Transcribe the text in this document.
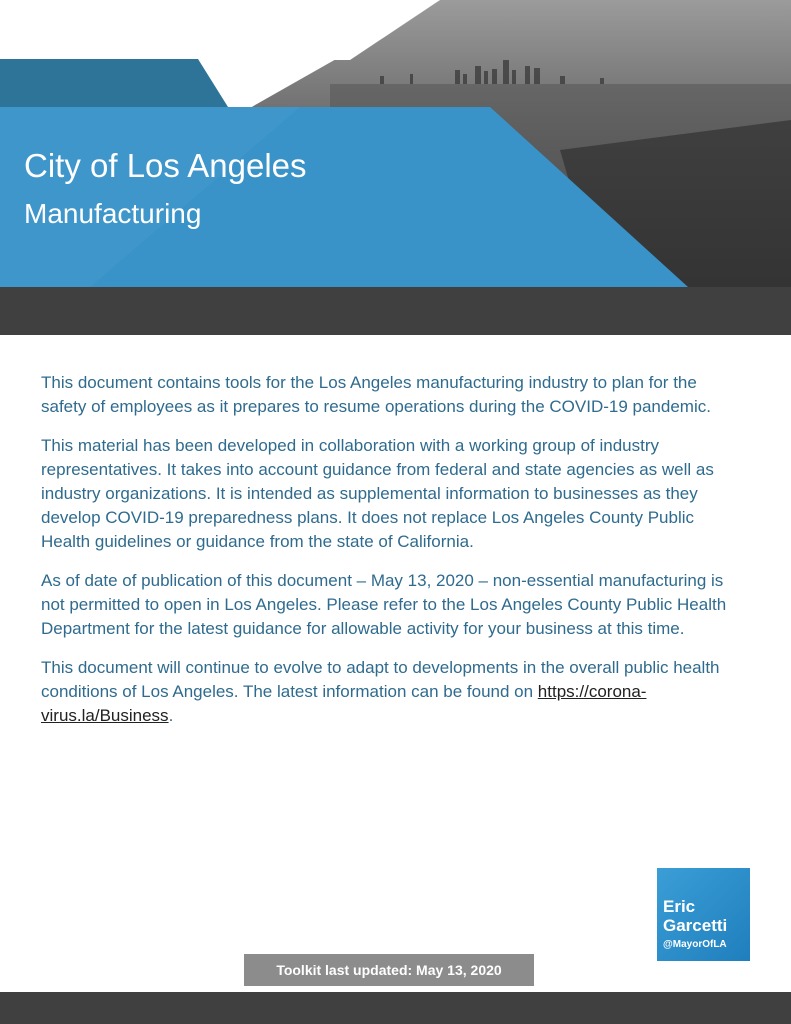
City of Los Angeles
Manufacturing

This document contains tools for the Los Angeles manufacturing industry to plan for the safety of employees as it prepares to resume operations during the COVID-19 pandemic.

This material has been developed in collaboration with a working group of industry representatives. It takes into account guidance from federal and state agencies as well as industry organizations. It is intended as supplemental information to businesses as they develop COVID-19 preparedness plans. It does not replace Los Angeles County Public Health guidelines or guidance from the state of California.

As of date of publication of this document – May 13, 2020 – non-essential manufacturing is not permitted to open in Los Angeles. Please refer to the Los Angeles County Public Health Department for the latest guidance for allowable activity for your business at this time.

This document will continue to evolve to adapt to developments in the overall public health conditions of Los Angeles. The latest information can be found on https://corona-virus.la/Business.

Eric
Garcetti
@MayorOfLA
Toolkit last updated: May 13, 2020
